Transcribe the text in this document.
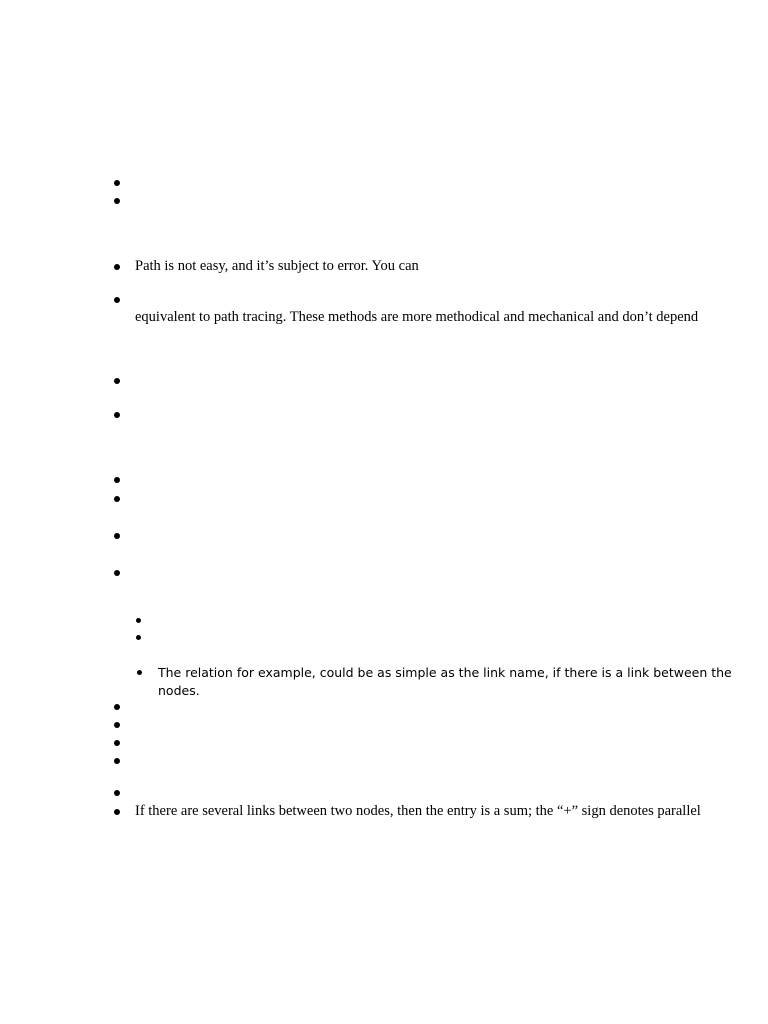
Path is not easy, and it’s subject to error. You can
equivalent to path tracing. These methods are more methodical and mechanical and don’t depend
The relation for example, could be as simple as the link name, if there is a link between the
nodes.
If there are several links between two nodes, then the entry is a sum; the “+” sign denotes parallel
